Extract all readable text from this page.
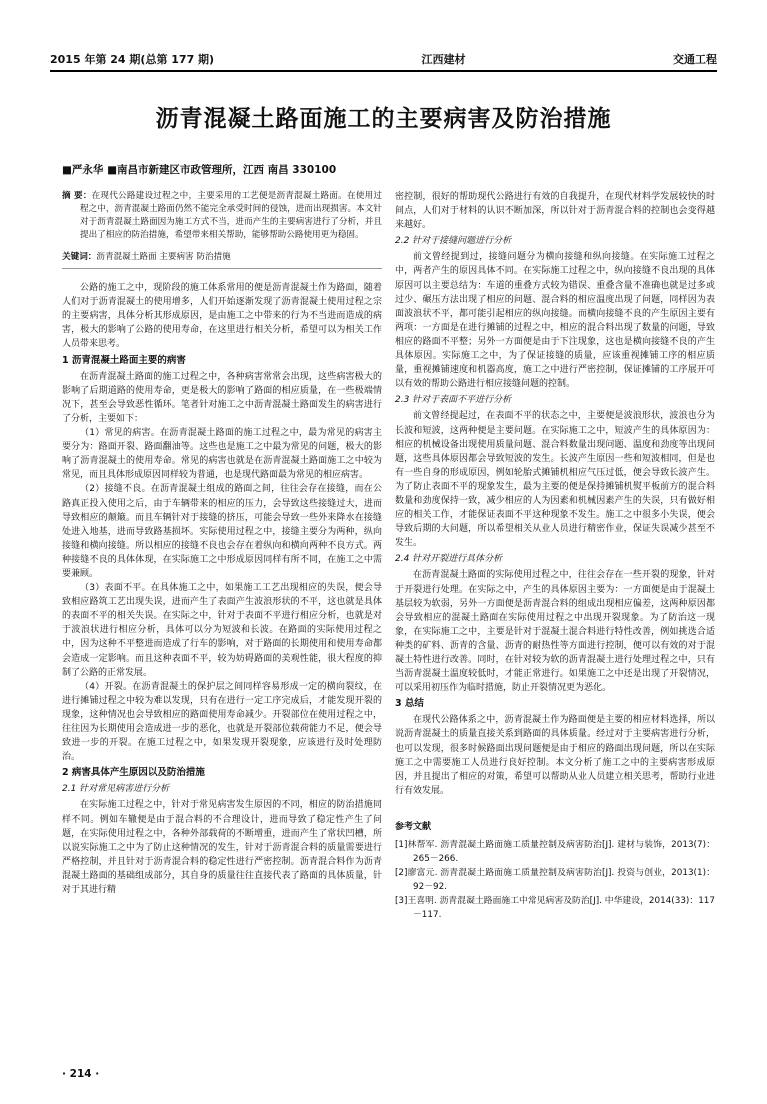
2015 年第 24 期(总第 177 期)	江西建材	交通工程
沥青混凝土路面施工的主要病害及防治措施
■严永华 ■南昌市新建区市政管理所，江西 南昌 330100
摘 要：在现代公路建设过程之中，主要采用的工艺便是沥青混凝土路面。在使用过程之中，沥青混凝土路面仍然不能完全承受时间的侵蚀，进而出现损害。本文针对于沥青混凝土路面因为施工方式不当，进而产生的主要病害进行了分析，并且提出了相应的防治措施，希望带来相关帮助，能够帮助公路使用更为稳固。
关键词：沥青混凝土路面 主要病害 防治措施

公路的施工之中，现阶段的施工体系常用的便是沥青混凝土作为路面，随着人们对于沥青混凝土的使用增多，人们开始逐渐发现了沥青混凝土使用过程之宗的主要病害，具体分析其形成原因，是由施工之中带来的行为不当进而造成的病害，极大的影响了公路的使用寿命，在这里进行相关分析，希望可以为相关工作人员带来思考。

1 沥青混凝土路面主要的病害

在沥青混凝土路面的施工过程之中，各种病害常常会出现，这些病害极大的影响了后期道路的使用寿命，更是极大的影响了路面的相应质量，在一些极端情况下，甚至会导致恶性循环。笔者针对施工之中沥青混凝土路面发生的病害进行了分析，主要如下：

（1）常见的病害。在沥青混凝土路面的施工过程之中，最为常见的病害主要分为：路面开裂、路面翻油等。这些也是施工之中最为常见的问题，极大的影响了沥青混凝土的使用寿命。常见的病害也就是在沥青混凝土路面施工之中较为常见，而且具体形成原因同样较为普通，也是现代路面最为常见的相应病害。

（2）接缝不良。在沥青混凝土组成的路面之间，往往会存在接缝，而在公路真正投入使用之后，由于车辆带来的相应的压力，会导致这些接缝过大，进而导致相应的颠簸。而且车辆针对于接缝的挤压，可能会导致一些外来降水在接缝处进入地基，进而导致路基损坏。实际使用过程之中，接缝主要分为两种，纵向接缝和横向接缝。所以相应的接缝不良也会存在着纵向和横向两种不良方式。两种接缝不良的具体体现，在实际施工之中形成原因同样有所不同，在施工之中需要兼顾。

（3）表面不平。在具体施工之中，如果施工工艺出现相应的失误，便会导致相应路筑工艺出现失误，进而产生了表面产生波浪形状的不平，这也就是具体的表面不平的相关失误。在实际之中，针对于表面不平进行相应分析，也就是对于波浪状进行相应分析，具体可以分为短波和长波。在路面的实际使用过程之中，因为这种不平整进而造成了行车的影响，对于路面的长期使用和使用寿命都会造成一定影响。而且这种表面不平，较为妨碍路面的美观性能，很大程度的抑制了公路的正常发展。

（4）开裂。在沥青混凝土的保护层之间同样容易形成一定的横向裂纹，在进行摊铺过程之中较为难以发现，只有在进行一定工序完成后，才能发现开裂的现象，这种情况也会导致相应的路面使用寿命减少。开裂部位在使用过程之中，往往因为长期使用会造成进一步的恶化，也就是开裂部位载荷能力不足，便会导致进一步的开裂。在施工过程之中，如果发现开裂现象，应该进行及时处理防治。

2 病害具体产生原因以及防治措施
2.1 针对常见病害进行分析

在实际施工过程之中，针对于常见病害发生原因的不同，相应的防治措施同样不同。例如车辙便是由于混合料的不合理设计，进而导致了稳定性产生了问题，在实际使用过程之中，各种外部载荷的不断增重，进而产生了常状凹槽，所以说实际施工之中为了防止这种情况的发生，针对于沥青混合料的质量需要进行严格控制，并且针对于沥青混合料的稳定性进行严密控制。沥青混合料作为沥青混凝土路面的基础组成部分，其自身的质量往往直接代表了路面的具体质量，针对于其进行精

密控制，很好的帮助现代公路进行有效的自我提升，在现代材料学发展较快的时间点，人们对于材料的认识不断加深，所以针对于沥青混合料的控制也会变得越来越好。

2.2 针对于接缝问题进行分析

前文曾经提到过，接缝问题分为横向接缝和纵向接缝。在实际施工过程之中，两者产生的原因具体不同。在实际施工过程之中，纵向接缝不良出现的具体原因可以主要总结为：车道的重叠方式较为错误、重叠含量不准确也就是过多或过少、碾压方法出现了相应的问题、混合料的相应温度出现了问题，同样因为表面波浪状不平，都可能引起相应的纵向接缝。而横向接缝不良的产生原因主要有两项：一方面是在进行摊铺的过程之中，相应的混合料出现了数量的问题，导致相应的路面不平整；另外一方面便是由于下注现象，这也是横向接缝不良的产生具体原因。实际施工之中，为了保证接缝的质量，应该重视摊铺工序的相应质量，重视摊铺速度和机器高度，施工之中进行严密控制，保证摊铺的工序展开可以有效的帮助公路进行相应接缝问题的控制。

2.3 针对于表面不平进行分析

前文曾经提起过，在表面不平的状态之中，主要便是波浪形状，波浪也分为长波和短波，这两种便是主要问题。在实际施工之中，短波产生的具体原因为：相应的机械设备出现使用质量问题、混合料数量出现问题、温度和劲度等出现问题，这些具体原因都会导致短波的发生。长波产生原因一些和短波相同，但是也有一些自身的形成原因，例如轮胎式摊铺机相应气压过低，便会导致长波产生。为了防止表面不平的现象发生，最为主要的便是保持摊铺机熨平板前方的混合料数量和劲度保持一致，减少相应的人为因素和机械因素产生的失误，只有做好相应的相关工作，才能保证表面不平这种现象不发生。施工之中很多小失误，便会导致后期的大问题，所以希望相关从业人员进行精密作业，保证失误减少甚至不发生。

2.4 针对开裂进行具体分析

在沥青混凝土路面的实际使用过程之中，往往会存在一些开裂的现象，针对于开裂进行处理。在实际之中，产生的具体原因主要为：一方面便是由于混凝土基层较为软弱，另外一方面便是沥青混合料的组成出现相应偏差，这两种原因都会导致相应的混凝土路面在实际使用过程之中出现开裂现象。为了防治这一现象，在实际施工之中，主要是针对于混凝土混合料进行特性改善，例如挑选合适种类的矿料、沥青的含量、沥青的耐热性等方面进行控制，便可以有效的对于混凝土特性进行改善。同时，在针对较为软的沥青混凝土进行处理过程之中，只有当沥青混凝土温度较低时，才能正常进行。如果施工之中还是出现了开裂情况，可以采用初压作为临时措施，防止开裂情况更为恶化。

3 总结

在现代公路体系之中，沥青混凝土作为路面便是主要的相应材料选择，所以说沥青混凝土的质量直接关系到路面的具体质量。经过对于主要病害进行分析，也可以发现，很多时候路面出现问题便是由于相应的路面出现问题，所以在实际施工之中需要施工人员进行良好控制。本文分析了施工之中的主要病害形成原因，并且提出了相应的对策，希望可以帮助从业人员建立相关思考，帮助行业进行有效发展。

参考文献
[1]林帮军. 沥青混凝土路面施工质量控制及病害防治[J]. 建材与装饰，2013(7)：265－266.
[2]廖富元. 沥青混凝土路面施工质量控制及病害防治[J]. 投资与创业，2013(1)：92－92.
[3]王喜明. 沥青混凝土路面施工中常见病害及防治[J]. 中华建设，2014(33)：117－117.
· 214 ·
